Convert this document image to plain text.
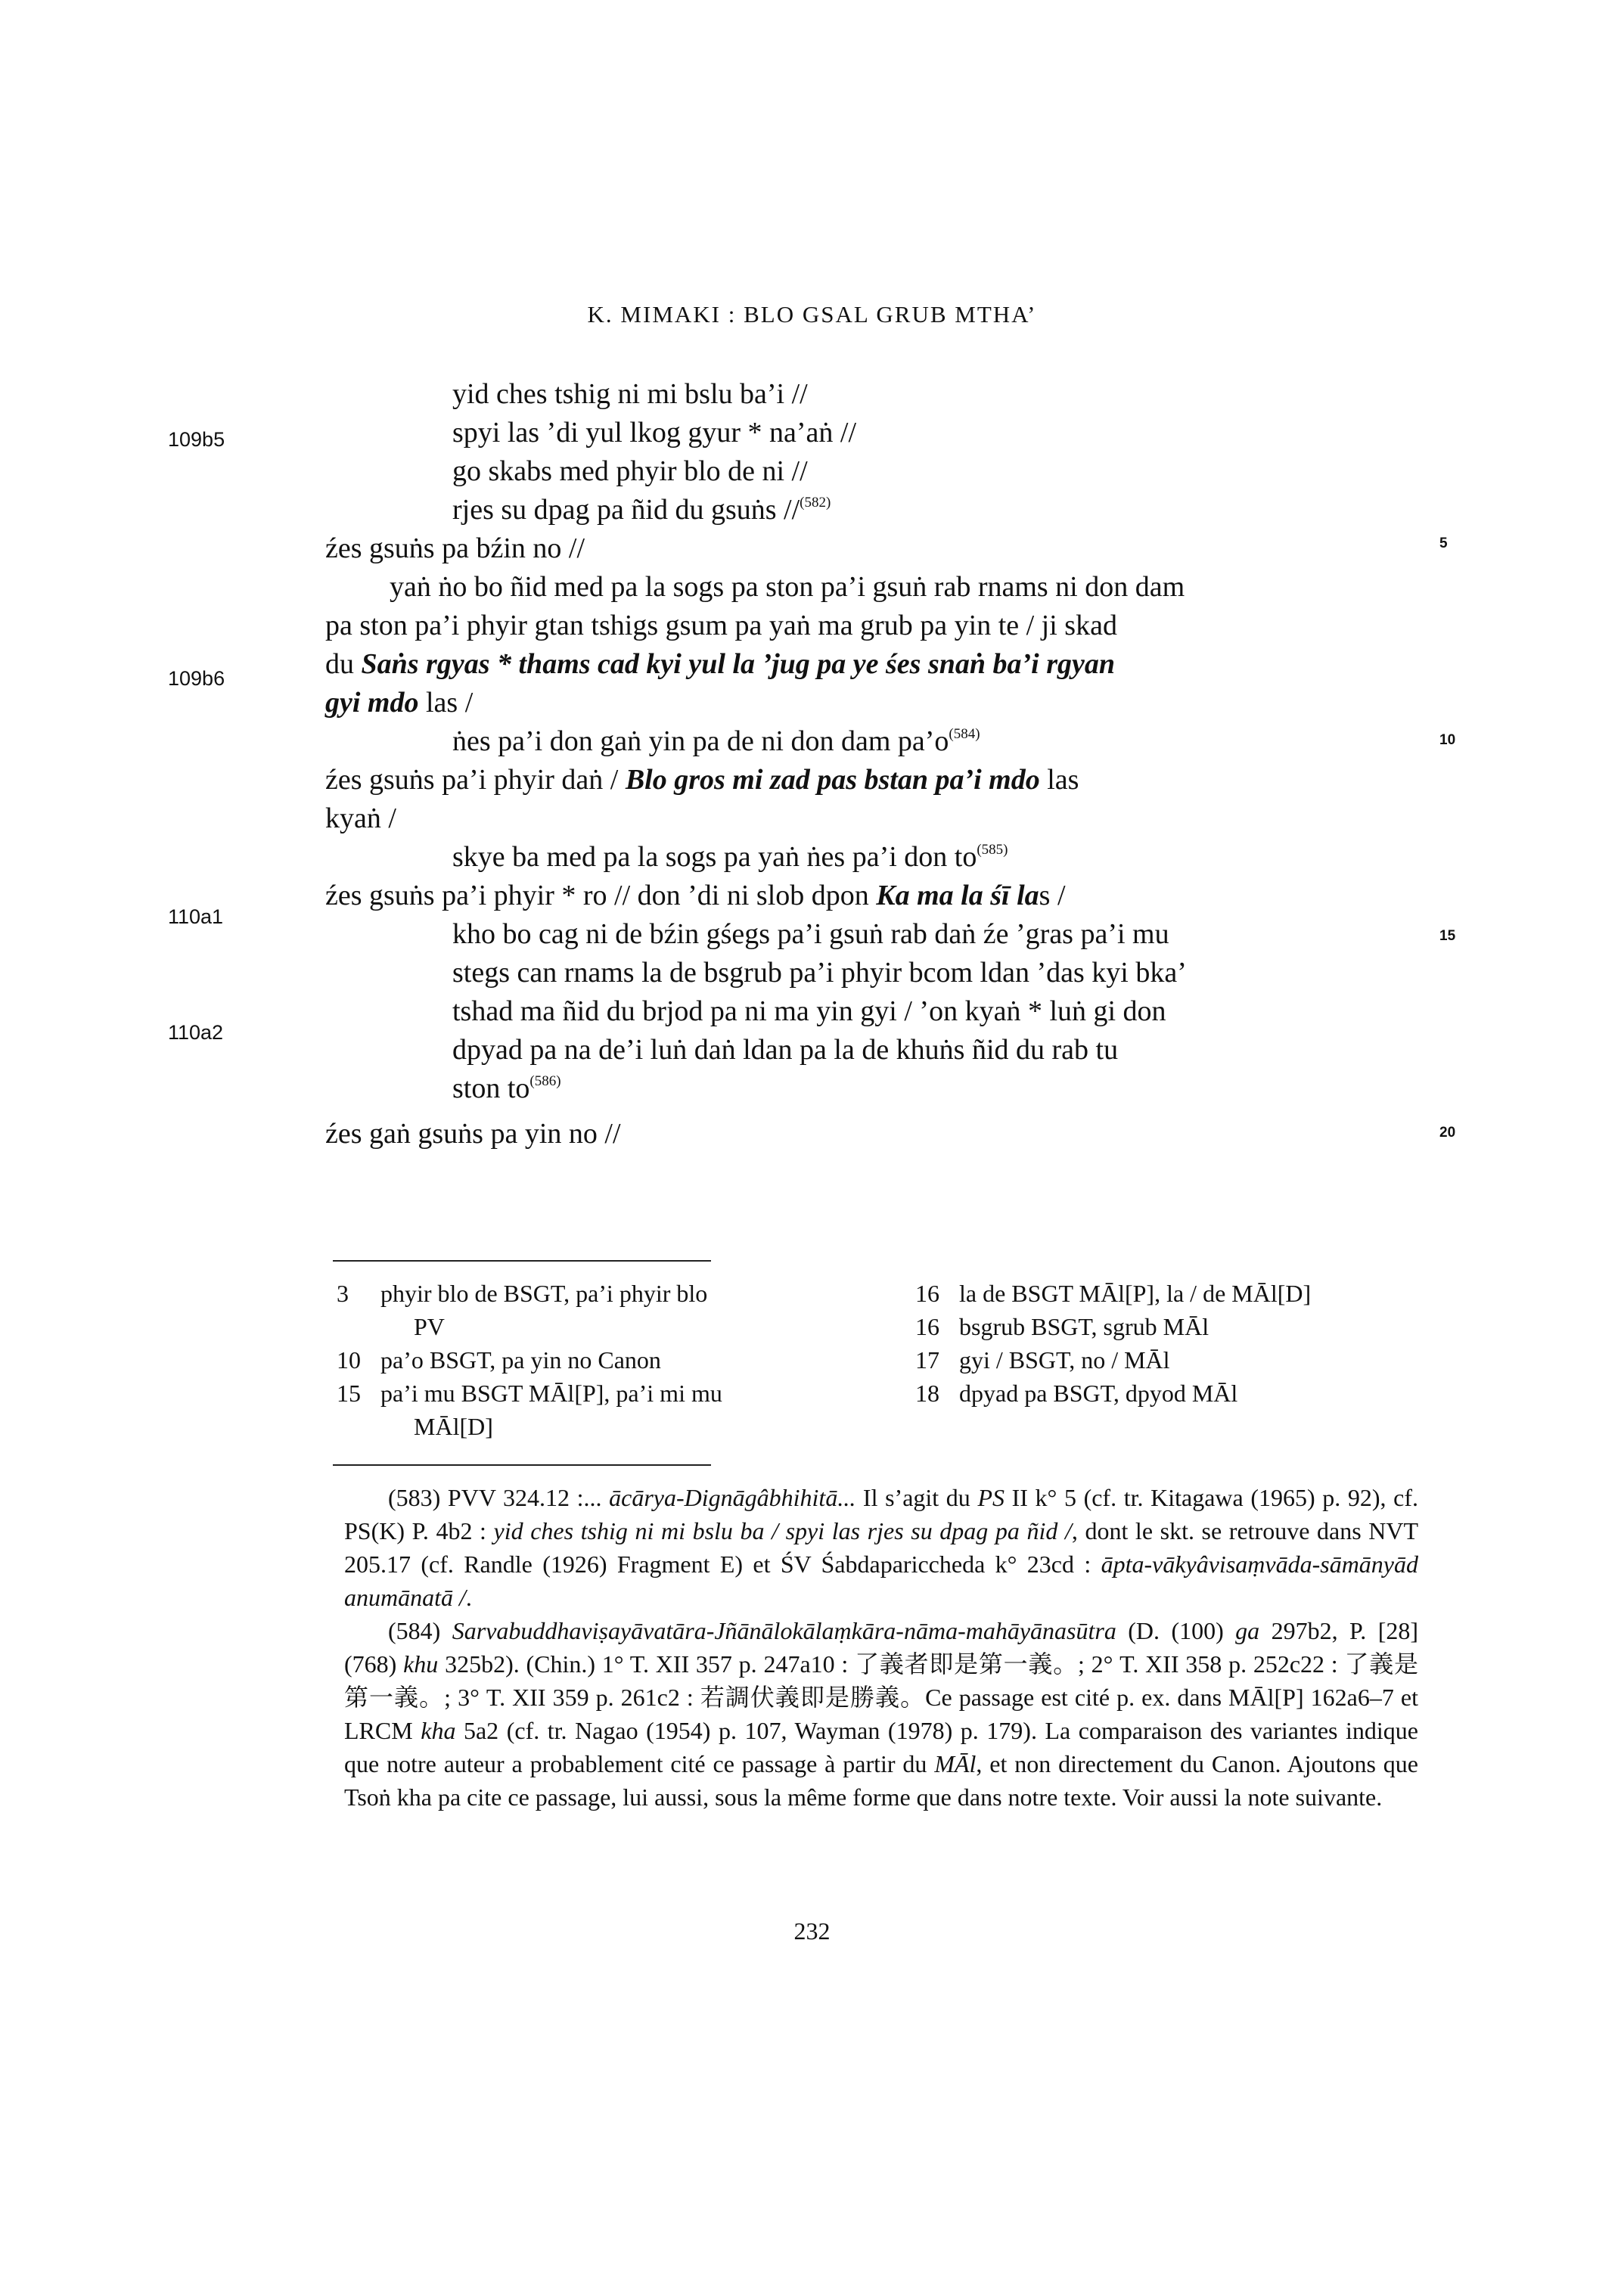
K. MIMAKI : BLO GSAL GRUB MTHA’
109b5
109b6
110a1
110a2
5
10
15
20
yid ches tshig ni mi bslu ba’i //
spyi las ’di yul lkog gyur * na’aṅ //
go skabs med phyir blo de ni //
rjes su dpag pa ñid du gsuṅs //$^{(582)}$
źes gsuṅs pa bźin no //
yaṅ ṅo bo ñid med pa la sogs pa ston pa’i gsuṅ rab rnams ni don dam
pa ston pa’i phyir gtan tshigs gsum pa yaṅ ma grub pa yin te / ji skad
du Saṅs rgyas * thams cad kyi yul la ’jug pa ye śes snaṅ ba’i rgyan
gyi mdo las /
ṅes pa’i don gaṅ yin pa de ni don dam $pa’o^{(584)}$
źes gsuṅs pa’i phyir daṅ / Blo gros mi zad pas bstan pa’i mdo las
kyaṅ /
skye ba med pa la sogs pa yaṅ ṅes pa’i don $to^{(585)}$
źes gsuṅs pa’i phyir * ro // don ’di ni slob dpon Ka ma la śī las /
kho bo cag ni de bźin gśegs pa’i gsuṅ rab daṅ źe ’gras pa’i mu
stegs can rnams la de bsgrub pa’i phyir bcom ldan ’das kyi bka’
tshad ma ñid du brjod pa ni ma yin gyi / ’on kyaṅ * luṅ gi don
dpyad pa na de’i luṅ daṅ ldan pa la de khuṅs ñid du rab tu
ston $to^{(586)}$
źes gaṅ gsuṅs pa yin no //
3 phyir blo de BSGT, pa’i phyir blo
PV
10 pa’o BSGT, pa yin no Canon
15 pa’i mu BSGT MĀl[P], pa’i mi mu
MĀl[D]
16 la de BSGT MĀl[P], la / de MĀl[D]
16 bsgrub BSGT, sgrub MĀl
17 gyi / BSGT, no / MĀl
18 dpyad pa BSGT, dpyod MĀl

(583) PVV 324.12 :... ācārya-Dignāgâbhihitā... Il s’agit du PS II k° 5 (cf. tr. Kitagawa (1965) p. 92), cf. PS(K) P. 4b2 : yid ches tshig ni mi bslu ba / spyi las rjes su dpag pa ñid /, dont le skt. se retrouve dans NVT 205.17 (cf. Randle (1926) Fragment E) et ŚV Śabdapariccheda k° 23cd : āpta-vākyâvisaṃvāda-sāmānyād anumānatā /.

(584) Sarvabuddhaviṣayāvatāra-Jñānālokālaṃkāra-nāma-mahāyānasūtra (D. (100) ga 297b2, P. [28] (768) khu 325b2). (Chin.) 1° T. XII 357 p. 247a10 : 了義者即是第一義。; 2° T. XII 358 p. 252c22 : 了義是第一義。; 3° T. XII 359 p. 261c2 : 若調伏義即是勝義。Ce passage est cité p. ex. dans MĀl[P] 162a6–7 et LRCM kha 5a2 (cf. tr. Nagao (1954) p. 107, Wayman (1978) p. 179). La comparaison des variantes indique que notre auteur a probablement cité ce passage à partir du MĀl, et non directement du Canon. Ajoutons que Tsoṅ kha pa cite ce passage, lui aussi, sous la même forme que dans notre texte. Voir aussi la note suivante.

232
